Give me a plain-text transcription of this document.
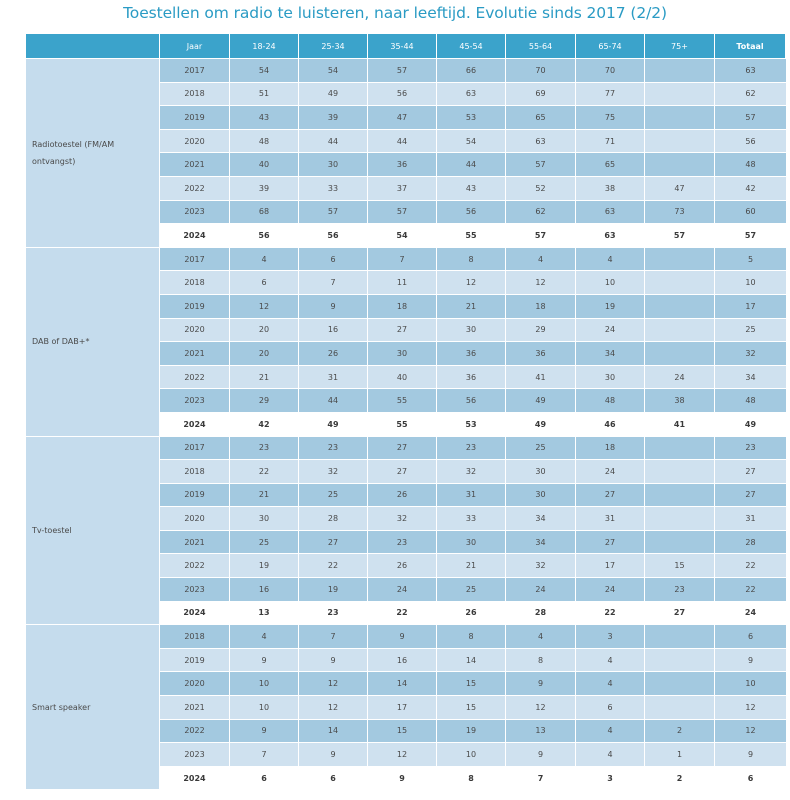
Toestellen om radio te luisteren, naar leeftijd. Evolutie sinds 2017 (2/2)
	Jaar	18-24	25-34	35-44	45-54	55-64	65-74	75+	Totaal
Radiotoestel (FM/AM ontvangst)	2017	54	54	57	66	70	70		63
	2018	51	49	56	63	69	77		62
	2019	43	39	47	53	65	75		57
	2020	48	44	44	54	63	71		56
	2021	40	30	36	44	57	65		48
	2022	39	33	37	43	52	38	47	42
	2023	68	57	57	56	62	63	73	60
	2024	56	56	54	55	57	63	57	57
DAB of DAB+*	2017	4	6	7	8	4	4		5
	2018	6	7	11	12	12	10		10
	2019	12	9	18	21	18	19		17
	2020	20	16	27	30	29	24		25
	2021	20	26	30	36	36	34		32
	2022	21	31	40	36	41	30	24	34
	2023	29	44	55	56	49	48	38	48
	2024	42	49	55	53	49	46	41	49
Tv-toestel	2017	23	23	27	23	25	18		23
	2018	22	32	27	32	30	24		27
	2019	21	25	26	31	30	27		27
	2020	30	28	32	33	34	31		31
	2021	25	27	23	30	34	27		28
	2022	19	22	26	21	32	17	15	22
	2023	16	19	24	25	24	24	23	22
	2024	13	23	22	26	28	22	27	24
Smart speaker	2018	4	7	9	8	4	3		6
	2019	9	9	16	14	8	4		9
	2020	10	12	14	15	9	4		10
	2021	10	12	17	15	12	6		12
	2022	9	14	15	19	13	4	2	12
	2023	7	9	12	10	9	4	1	9
	2024	6	6	9	8	7	3	2	6
